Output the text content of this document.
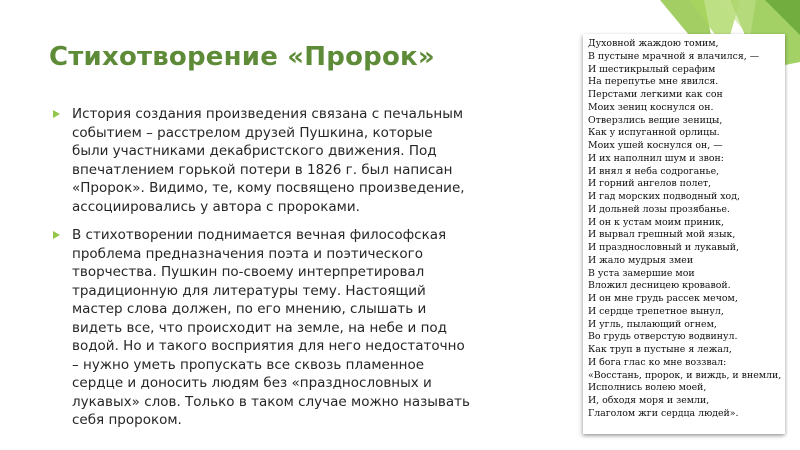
Стихотворение «Пророк»
История создания произведения связана с печальным событием – расстрелом друзей Пушкина, которые были участниками декабристского движения. Под впечатлением горькой потери в 1826 г. был написан «Пророк». Видимо, те, кому посвящено произведение, ассоциировались у автора с пророками.
В стихотворении поднимается вечная философская проблема предназначения поэта и поэтического творчества. Пушкин по-своему интерпретировал традиционную для литературы тему. Настоящий мастер слова должен, по его мнению, слышать и видеть все, что происходит на земле, на небе и под водой. Но и такого восприятия для него недостаточно – нужно уметь пропускать все сквозь пламенное сердце и доносить людям без «празднословных и лукавых» слов. Только в таком случае можно называть себя пророком.
Духовной жаждою томим,
В пустыне мрачной я влачился, —
И шестикрылый серафим
На перепутье мне явился.
Перстами легкими как сон
Моих зениц коснулся он.
Отверзлись вещие зеницы,
Как у испуганной орлицы.
Моих ушей коснулся он, —
И их наполнил шум и звон:
И внял я неба содроганье,
И горний ангелов полет,
И гад морских подводный ход,
И дольней лозы прозябанье.
И он к устам моим приник,
И вырвал грешный мой язык,
И празднословный и лукавый,
И жало мудрыя змеи
В уста замершие мои
Вложил десницею кровавой.
И он мне грудь рассек мечом,
И сердце трепетное вынул,
И угль, пылающий огнем,
Во грудь отверстую водвинул.
Как труп в пустыне я лежал,
И бога глас ко мне воззвал:
«Восстань, пророк, и виждь, и внемли,
Исполнись волею моей,
И, обходя моря и земли,
Глаголом жги сердца людей».
